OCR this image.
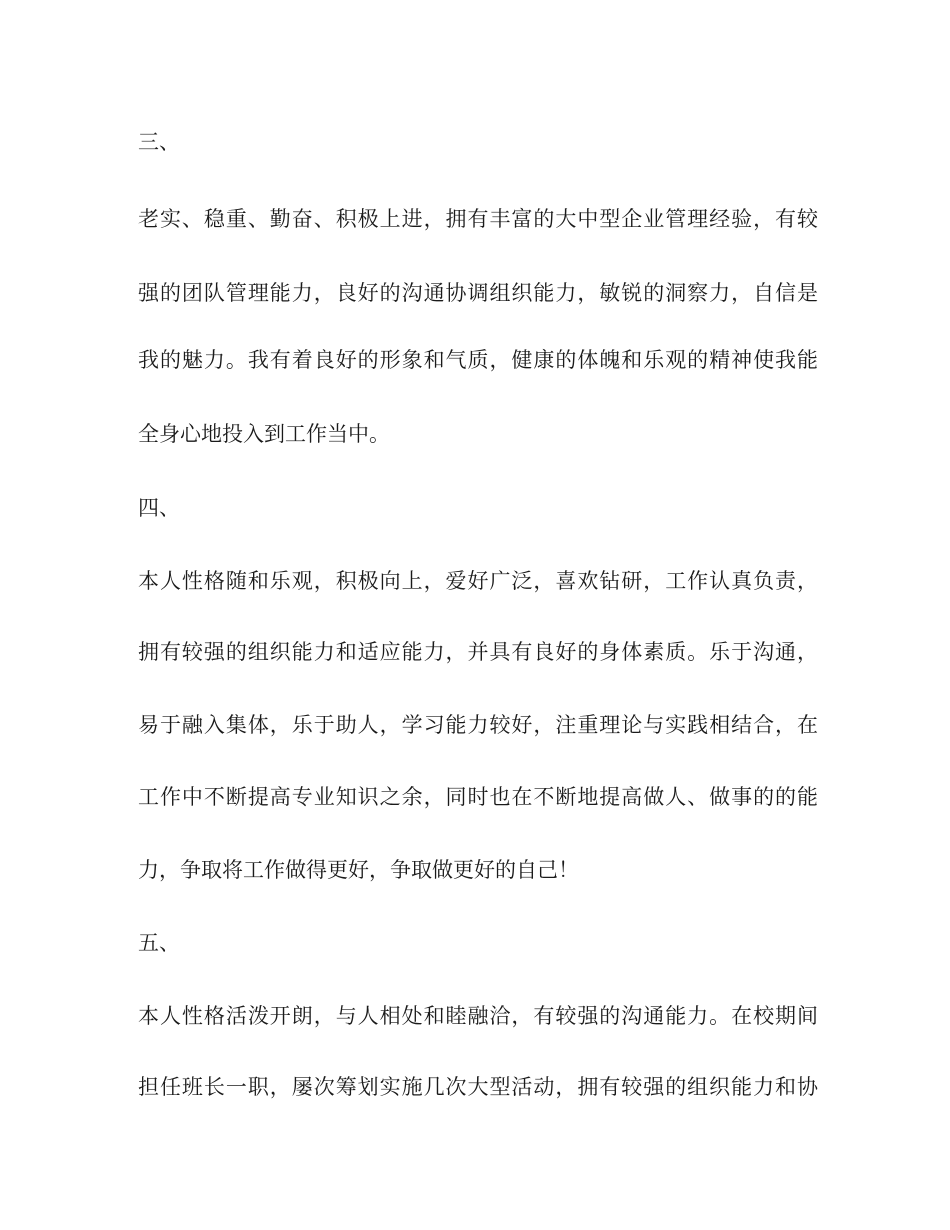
三、
老实、稳重、勤奋、积极上进，拥有丰富的大中型企业管理经验，有较
强的团队管理能力，良好的沟通协调组织能力，敏锐的洞察力，自信是
我的魅力。我有着良好的形象和气质，健康的体魄和乐观的精神使我能
全身心地投入到工作当中。
四、
本人性格随和乐观，积极向上，爱好广泛，喜欢钻研，工作认真负责，
拥有较强的组织能力和适应能力，并具有良好的身体素质。乐于沟通，
易于融入集体，乐于助人，学习能力较好，注重理论与实践相结合，在
工作中不断提高专业知识之余，同时也在不断地提高做人、做事的的能
力，争取将工作做得更好，争取做更好的自己！
五、
本人性格活泼开朗，与人相处和睦融洽，有较强的沟通能力。在校期间
担任班长一职，屡次筹划实施几次大型活动，拥有较强的组织能力和协
